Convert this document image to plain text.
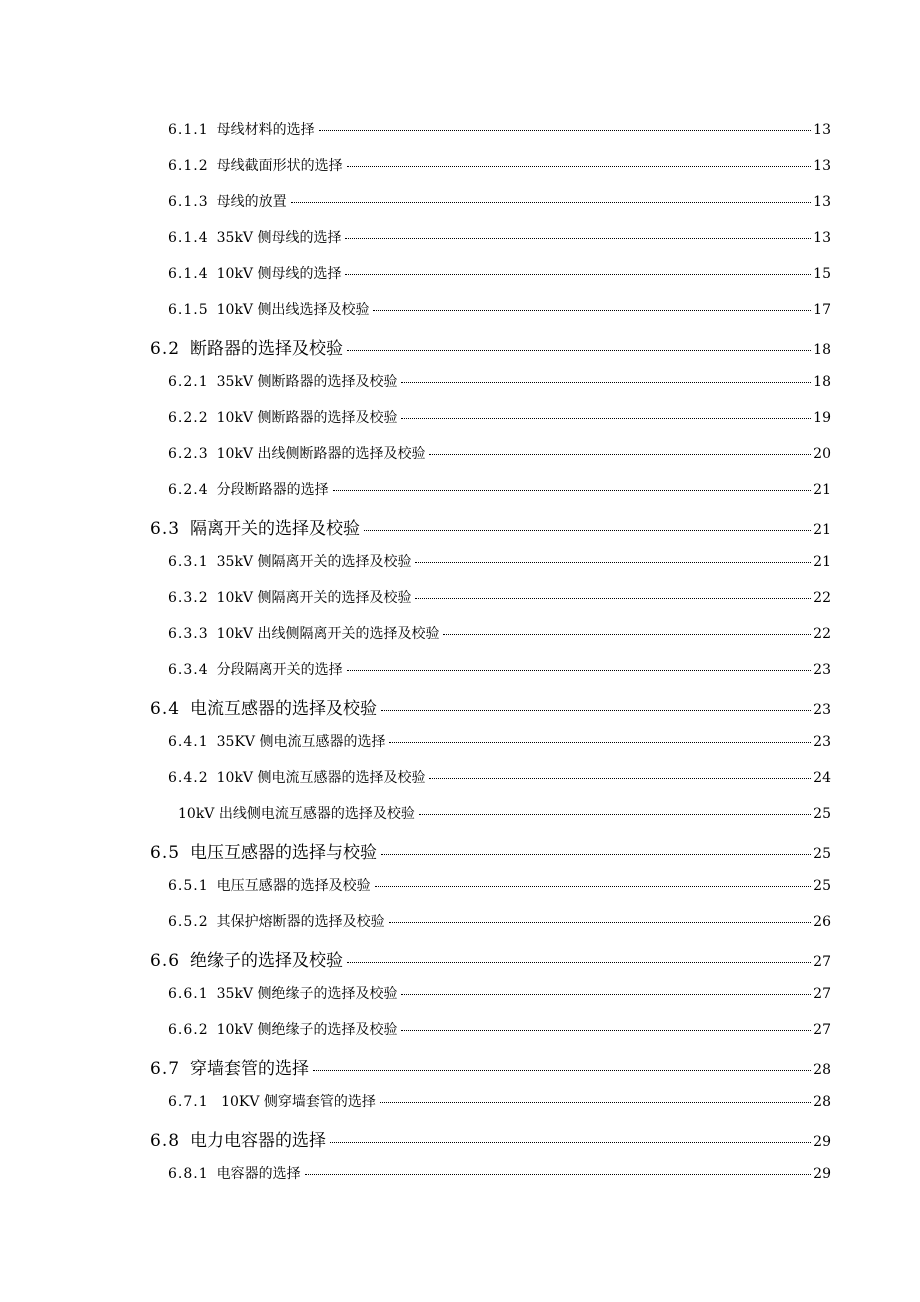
6.1.1 母线材料的选择	13
6.1.2 母线截面形状的选择	13
6.1.3 母线的放置	13
6.1.4 35kV 侧母线的选择	13
6.1.4 10kV 侧母线的选择	15
6.1.5 10kV 侧出线选择及校验	17
6.2 断路器的选择及校验	18
6.2.1 35kV 侧断路器的选择及校验	18
6.2.2 10kV 侧断路器的选择及校验	19
6.2.3 10kV 出线侧断路器的选择及校验	20
6.2.4 分段断路器的选择	21
6.3 隔离开关的选择及校验	21
6.3.1 35kV 侧隔离开关的选择及校验	21
6.3.2 10kV 侧隔离开关的选择及校验	22
6.3.3 10kV 出线侧隔离开关的选择及校验	22
6.3.4 分段隔离开关的选择	23
6.4 电流互感器的选择及校验	23
6.4.1 35KV 侧电流互感器的选择	23
6.4.2 10kV 侧电流互感器的选择及校验	24
10kV 出线侧电流互感器的选择及校验	25
6.5 电压互感器的选择与校验	25
6.5.1 电压互感器的选择及校验	25
6.5.2 其保护熔断器的选择及校验	26
6.6 绝缘子的选择及校验	27
6.6.1 35kV 侧绝缘子的选择及校验	27
6.6.2 10kV 侧绝缘子的选择及校验	27
6.7 穿墙套管的选择	28
6.7.1 10KV 侧穿墙套管的选择	28
6.8 电力电容器的选择	29
6.8.1 电容器的选择	29
